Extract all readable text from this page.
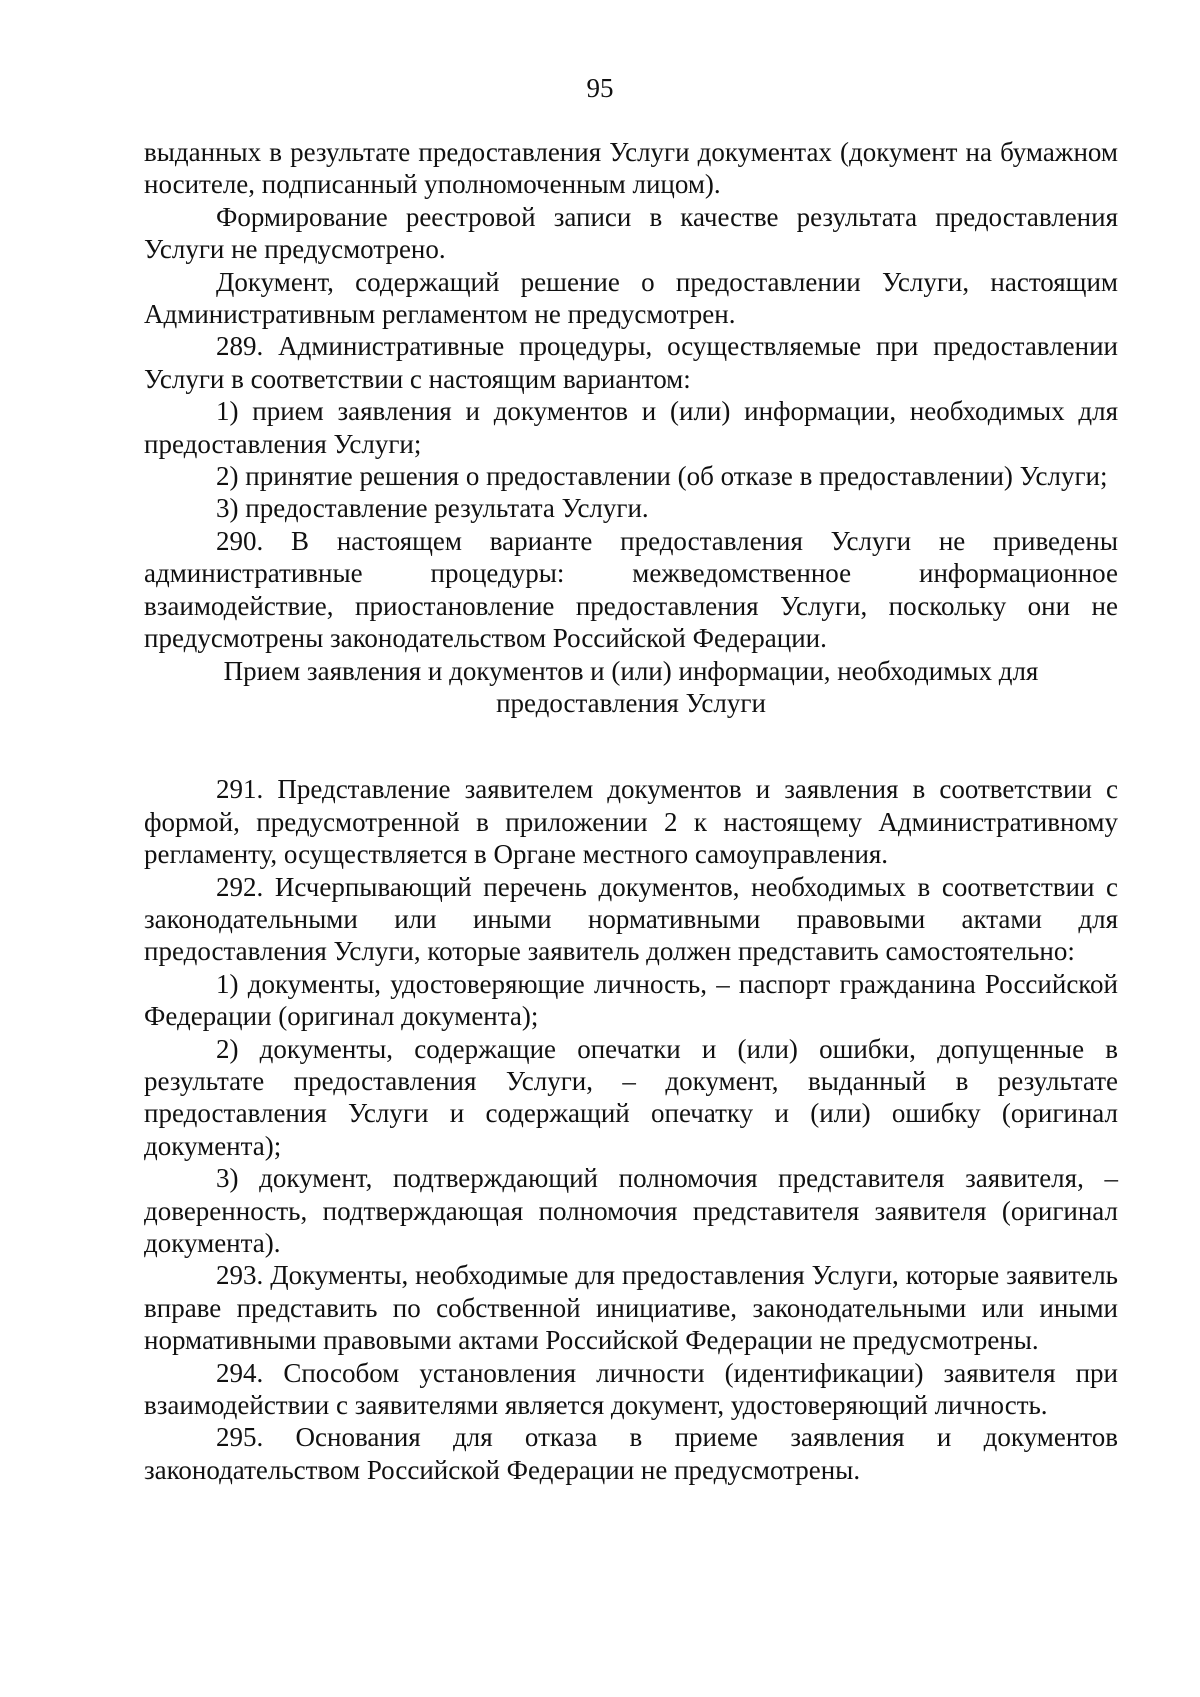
95

выданных в результате предоставления Услуги документах (документ на бумажном носителе, подписанный уполномоченным лицом).

Формирование реестровой записи в качестве результата предоставления Услуги не предусмотрено.

Документ, содержащий решение о предоставлении Услуги, настоящим Административным регламентом не предусмотрен.

289. Административные процедуры, осуществляемые при предоставлении Услуги в соответствии с настоящим вариантом:

1) прием заявления и документов и (или) информации, необходимых для предоставления Услуги;

2) принятие решения о предоставлении (об отказе в предоставлении) Услуги;

3) предоставление результата Услуги.

290. В настоящем варианте предоставления Услуги не приведены административные процедуры: межведомственное информационное взаимодействие, приостановление предоставления Услуги, поскольку они не предусмотрены законодательством Российской Федерации.

Прием заявления и документов и (или) информации, необходимых для предоставления Услуги

291. Представление заявителем документов и заявления в соответствии с формой, предусмотренной в приложении 2 к настоящему Административному регламенту, осуществляется в Органе местного самоуправления.

292. Исчерпывающий перечень документов, необходимых в соответствии с законодательными или иными нормативными правовыми актами для предоставления Услуги, которые заявитель должен представить самостоятельно:

1) документы, удостоверяющие личность, – паспорт гражданина Российской Федерации (оригинал документа);

2) документы, содержащие опечатки и (или) ошибки, допущенные в результате предоставления Услуги, – документ, выданный в результате предоставления Услуги и содержащий опечатку и (или) ошибку (оригинал документа);

3) документ, подтверждающий полномочия представителя заявителя, – доверенность, подтверждающая полномочия представителя заявителя (оригинал документа).

293. Документы, необходимые для предоставления Услуги, которые заявитель вправе представить по собственной инициативе, законодательными или иными нормативными правовыми актами Российской Федерации не предусмотрены.

294. Способом установления личности (идентификации) заявителя при взаимодействии с заявителями является документ, удостоверяющий личность.

295. Основания для отказа в приеме заявления и документов законодательством Российской Федерации не предусмотрены.
